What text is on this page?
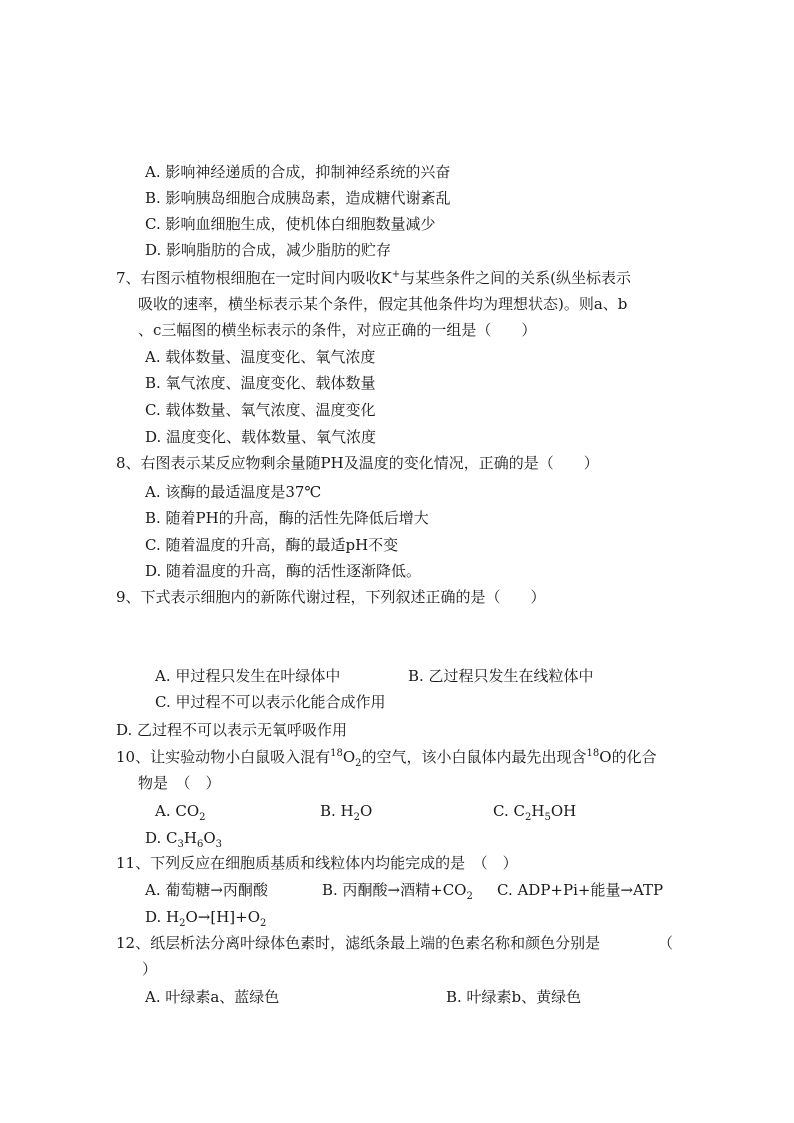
A. 影响神经递质的合成，抑制神经系统的兴奋
B. 影响胰岛细胞合成胰岛素，造成糖代谢紊乱
C. 影响血细胞生成，使机体白细胞数量减少
D. 影响脂肪的合成，减少脂肪的贮存
7、右图示植物根细胞在一定时间内吸收K+与某些条件之间的关系(纵坐标表示
吸收的速率，横坐标表示某个条件，假定其他条件均为理想状态)。则a、b
、c三幅图的横坐标表示的条件，对应正确的一组是（　　）
A. 载体数量、温度变化、氧气浓度
B. 氧气浓度、温度变化、载体数量
C. 载体数量、氧气浓度、温度变化
D. 温度变化、载体数量、氧气浓度
8、右图表示某反应物剩余量随PH及温度的变化情况，正确的是（　　）
A. 该酶的最适温度是37℃
B. 随着PH的升高，酶的活性先降低后增大
C. 随着温度的升高，酶的最适pH不变
D. 随着温度的升高，酶的活性逐渐降低。
9、下式表示细胞内的新陈代谢过程，下列叙述正确的是（　　）
A. 甲过程只发生在叶绿体中	B. 乙过程只发生在线粒体中
C. 甲过程不可以表示化能合成作用
D. 乙过程不可以表示无氧呼吸作用
10、让实验动物小白鼠吸入混有$^{18}O_2$的空气，该小白鼠体内最先出现含$^{18}$O的化合
物是　（　）
A. $CO_2$	B. $H_2O$	C. $C_2H_5OH$
D. $C_3H_6O_3$
11、下列反应在细胞质基质和线粒体内均能完成的是　（　）
A. 葡萄糖→丙酮酸	B. 丙酮酸→酒精$+CO_2$ C. ADP+Pi+能量→ATP
D. $H_2O\to[H]+O_2$
12、纸层析法分离叶绿体色素时，滤纸条最上端的色素名称和颜色分别是	（
）
A. 叶绿素a、蓝绿色	B. 叶绿素b、黄绿色
